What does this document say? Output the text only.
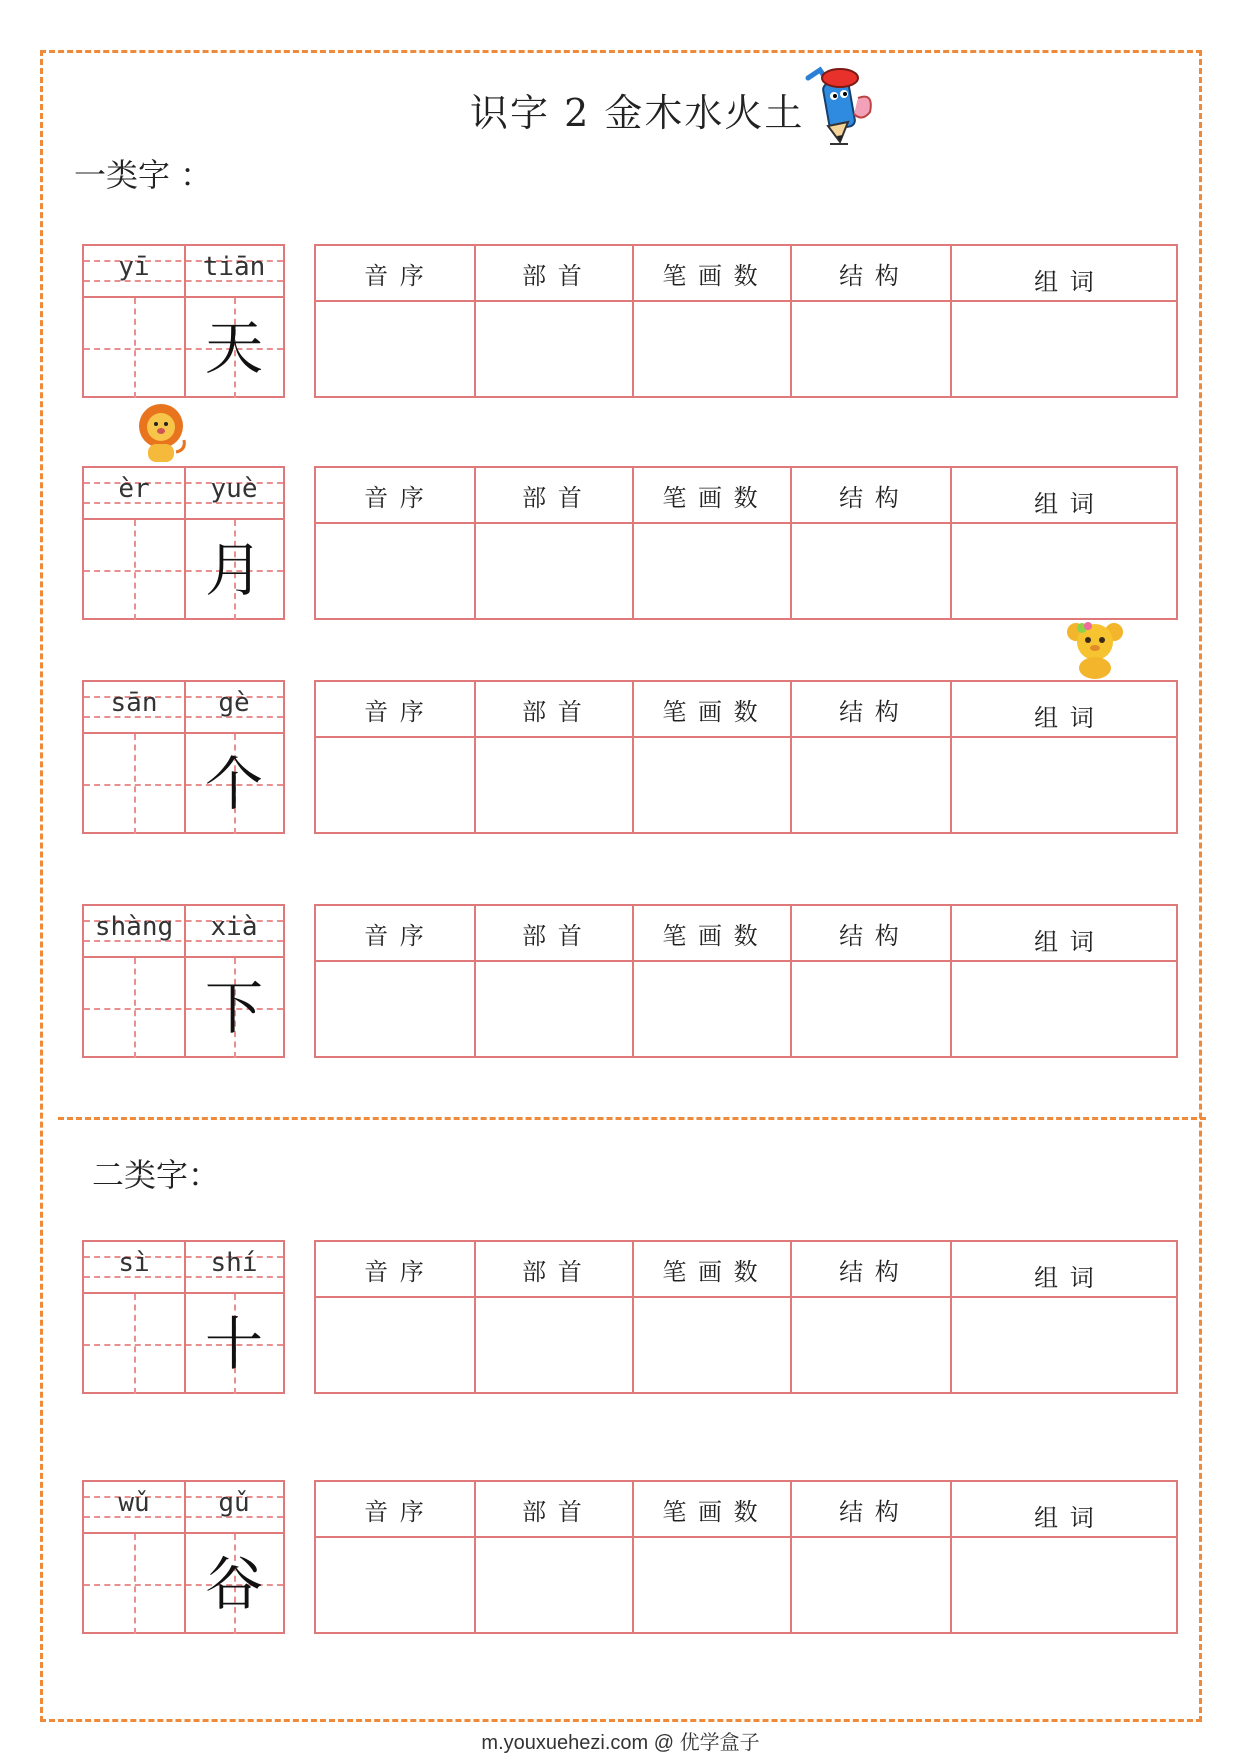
识字 2 金木水火土
一类字 ：
yī	tiān
天
音 序	部 首	笔 画 数	结 构	组 词
èr	yuè
月
音 序	部 首	笔 画 数	结 构	组 词
sān	gè
个
音 序	部 首	笔 画 数	结 构	组 词
shàng	xià
下
音 序	部 首	笔 画 数	结 构	组 词
二类字：
sì	shí
十
音 序	部 首	笔 画 数	结 构	组 词
wǔ	gǔ
谷
音 序	部 首	笔 画 数	结 构	组 词
m.youxuehezi.com @ 优学盒子
